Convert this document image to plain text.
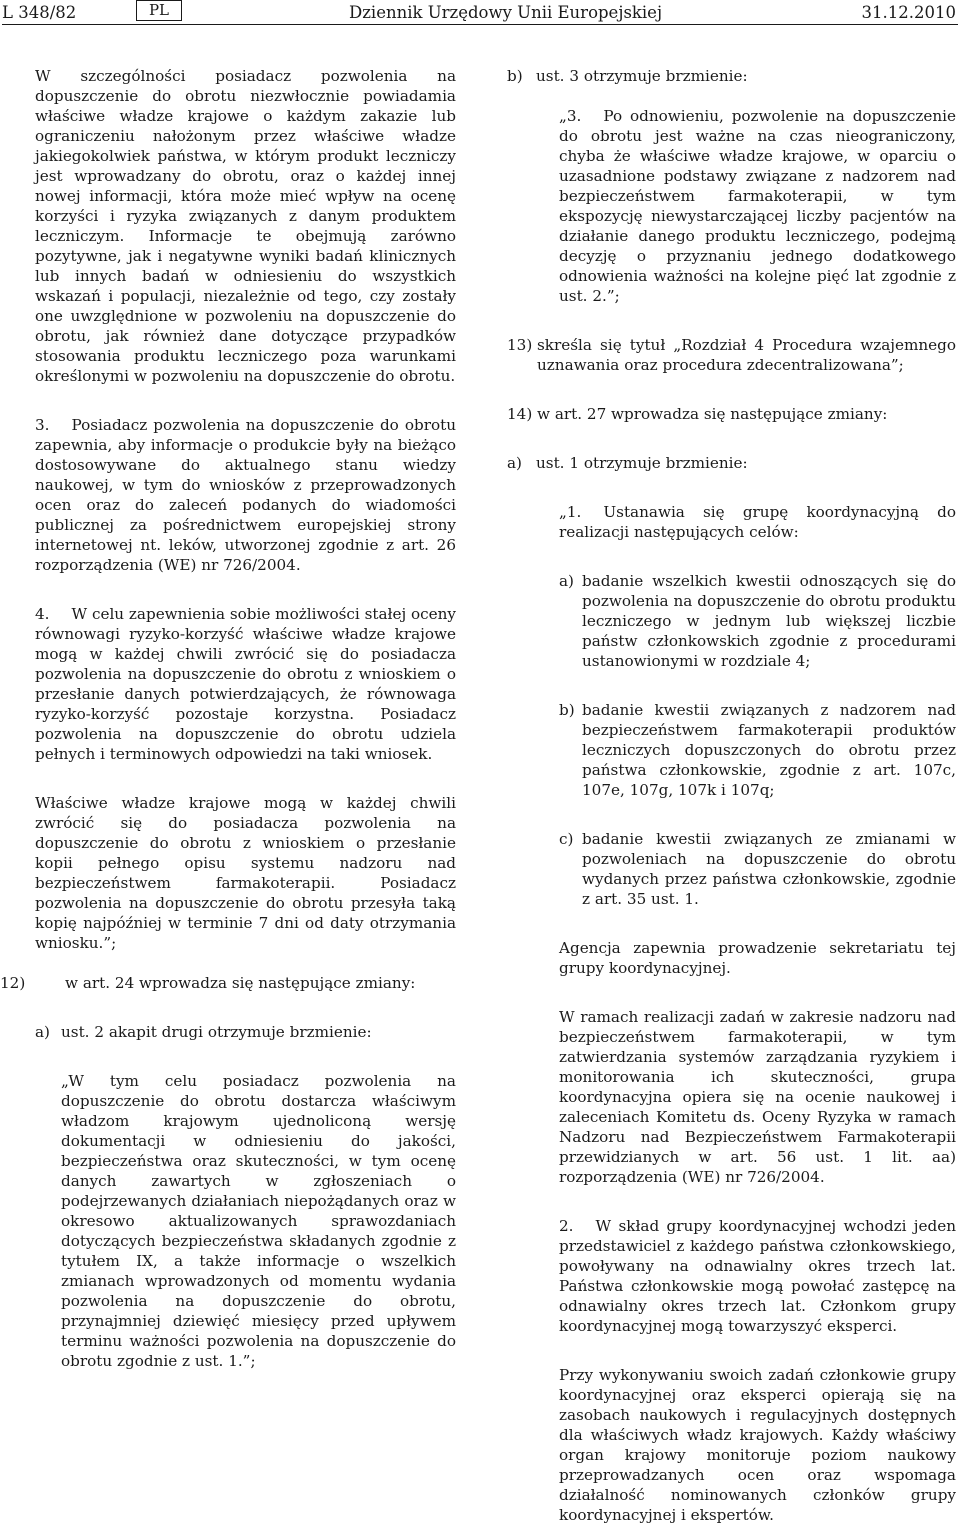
L 348/82	PL	Dziennik Urzędowy Unii Europejskiej	31.12.2010

W szczególności posiadacz pozwolenia na dopuszczenie do obrotu niezwłocznie powiadamia właściwe władze krajowe o każdym zakazie lub ograniczeniu nałożonym przez właściwe władze jakiegokolwiek państwa, w którym produkt leczniczy jest wprowadzany do obrotu, oraz o każdej innej nowej informacji, która może mieć wpływ na ocenę korzyści i ryzyka związanych z danym produktem leczniczym. Informacje te obejmują zarówno pozytywne, jak i negatywne wyniki badań klinicznych lub innych badań w odniesieniu do wszystkich wskazań i populacji, niezależnie od tego, czy zostały one uwzględnione w pozwoleniu na dopuszczenie do obrotu, jak również dane dotyczące przypadków stosowania produktu leczniczego poza warunkami określonymi w pozwoleniu na dopuszczenie do obrotu.

3. Posiadacz pozwolenia na dopuszczenie do obrotu zapewnia, aby informacje o produkcie były na bieżąco dostosowywane do aktualnego stanu wiedzy naukowej, w tym do wniosków z przeprowadzonych ocen oraz do zaleceń podanych do wiadomości publicznej za pośrednictwem europejskiej strony internetowej nt. leków, utworzonej zgodnie z art. 26 rozporządzenia (WE) nr 726/2004.

4. W celu zapewnienia sobie możliwości stałej oceny równowagi ryzyko-korzyść właściwe władze krajowe mogą w każdej chwili zwrócić się do posiadacza pozwolenia na dopuszczenie do obrotu z wnioskiem o przesłanie danych potwierdzających, że równowaga ryzyko-korzyść pozostaje korzystna. Posiadacz pozwolenia na dopuszczenie do obrotu udziela pełnych i terminowych odpowiedzi na taki wniosek.

Właściwe władze krajowe mogą w każdej chwili zwrócić się do posiadacza pozwolenia na dopuszczenie do obrotu z wnioskiem o przesłanie kopii pełnego opisu systemu nadzoru nad bezpieczeństwem farmakoterapii. Posiadacz pozwolenia na dopuszczenie do obrotu przesyła taką kopię najpóźniej w terminie 7 dni od daty otrzymania wniosku.”;

12)	w art. 24 wprowadza się następujące zmiany:

a) ust. 2 akapit drugi otrzymuje brzmienie:

„W tym celu posiadacz pozwolenia na dopuszczenie do obrotu dostarcza właściwym władzom krajowym ujednoliconą wersję dokumentacji w odniesieniu do jakości, bezpieczeństwa oraz skuteczności, w tym ocenę danych zawartych w zgłoszeniach o podejrzewanych działaniach niepożądanych oraz w okresowo aktualizowanych sprawozdaniach dotyczących bezpieczeństwa składanych zgodnie z tytułem IX, a także informacje o wszelkich zmianach wprowadzonych od momentu wydania pozwolenia na dopuszczenie do obrotu, przynajmniej dziewięć miesięcy przed upływem terminu ważności pozwolenia na dopuszczenie do obrotu zgodnie z ust. 1.”;

b) ust. 3 otrzymuje brzmienie:

„3. Po odnowieniu, pozwolenie na dopuszczenie do obrotu jest ważne na czas nieograniczony, chyba że właściwe władze krajowe, w oparciu o uzasadnione podstawy związane z nadzorem nad bezpieczeństwem farmakoterapii, w tym ekspozycję niewystarczającej liczby pacjentów na działanie danego produktu leczniczego, podejmą decyzję o przyznaniu jednego dodatkowego odnowienia ważności na kolejne pięć lat zgodnie z ust. 2.”;

13) skreśla się tytuł „Rozdział 4 Procedura wzajemnego uznawania oraz procedura zdecentralizowana”;

14) w art. 27 wprowadza się następujące zmiany:

a) ust. 1 otrzymuje brzmienie:

„1. Ustanawia się grupę koordynacyjną do realizacji następujących celów:

a) badanie wszelkich kwestii odnoszących się do pozwolenia na dopuszczenie do obrotu produktu leczniczego w jednym lub większej liczbie państw członkowskich zgodnie z procedurami ustanowionymi w rozdziale 4;

b) badanie kwestii związanych z nadzorem nad bezpieczeństwem farmakoterapii produktów leczniczych dopuszczonych do obrotu przez państwa członkowskie, zgodnie z art. 107c, 107e, 107g, 107k i 107q;

c) badanie kwestii związanych ze zmianami w pozwoleniach na dopuszczenie do obrotu wydanych przez państwa członkowskie, zgodnie z art. 35 ust. 1.

Agencja zapewnia prowadzenie sekretariatu tej grupy koordynacyjnej.

W ramach realizacji zadań w zakresie nadzoru nad bezpieczeństwem farmakoterapii, w tym zatwierdzania systemów zarządzania ryzykiem i monitorowania ich skuteczności, grupa koordynacyjna opiera się na ocenie naukowej i zaleceniach Komitetu ds. Oceny Ryzyka w ramach Nadzoru nad Bezpieczeństwem Farmakoterapii przewidzianych w art. 56 ust. 1 lit. aa) rozporządzenia (WE) nr 726/2004.

2. W skład grupy koordynacyjnej wchodzi jeden przedstawiciel z każdego państwa członkowskiego, powoływany na odnawialny okres trzech lat. Państwa członkowskie mogą powołać zastępcę na odnawialny okres trzech lat. Członkom grupy koordynacyjnej mogą towarzyszyć eksperci.

Przy wykonywaniu swoich zadań członkowie grupy koordynacyjnej oraz eksperci opierają się na zasobach naukowych i regulacyjnych dostępnych dla właściwych władz krajowych. Każdy właściwy organ krajowy monitoruje poziom naukowy przeprowadzanych ocen oraz wspomaga działalność nominowanych członków grupy koordynacyjnej i ekspertów.
